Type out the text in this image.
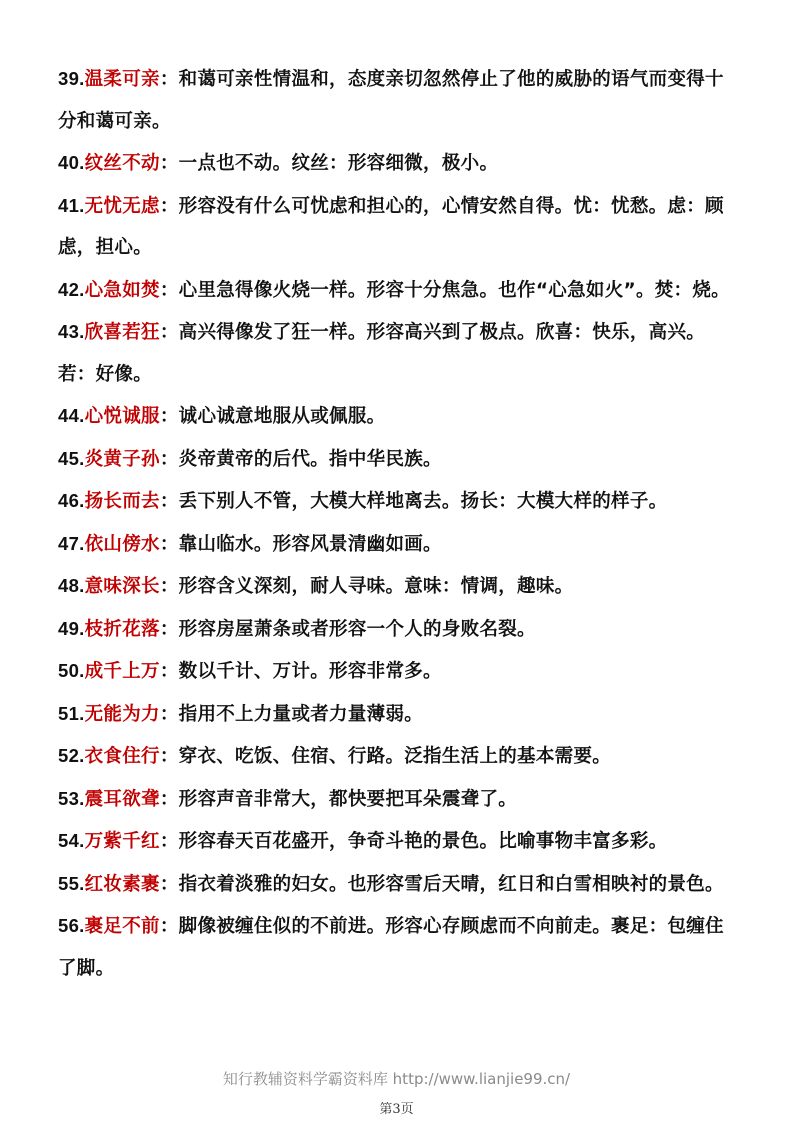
39.温柔可亲：和蔼可亲性情温和，态度亲切忽然停止了他的威胁的语气而变得十分和蔼可亲。
40.纹丝不动：一点也不动。纹丝：形容细微，极小。
41.无忧无虑：形容没有什么可忧虑和担心的，心情安然自得。忧：忧愁。虑：顾虑，担心。
42.心急如焚：心里急得像火烧一样。形容十分焦急。也作“心急如火”。焚：烧。
43.欣喜若狂：高兴得像发了狂一样。形容高兴到了极点。欣喜：快乐，高兴。若：好像。
44.心悦诚服：诚心诚意地服从或佩服。
45.炎黄子孙：炎帝黄帝的后代。指中华民族。
46.扬长而去：丢下别人不管，大模大样地离去。扬长：大模大样的样子。
47.依山傍水：靠山临水。形容风景清幽如画。
48.意味深长：形容含义深刻，耐人寻味。意味：情调，趣味。
49.枝折花落：形容房屋萧条或者形容一个人的身败名裂。
50.成千上万：数以千计、万计。形容非常多。
51.无能为力：指用不上力量或者力量薄弱。
52.衣食住行：穿衣、吃饭、住宿、行路。泛指生活上的基本需要。
53.震耳欲聋：形容声音非常大，都快要把耳朵震聋了。
54.万紫千红：形容春天百花盛开，争奇斗艳的景色。比喻事物丰富多彩。
55.红妆素裹：指衣着淡雅的妇女。也形容雪后天晴，红日和白雪相映衬的景色。
56.裹足不前：脚像被缠住似的不前进。形容心存顾虑而不向前走。裹足：包缠住了脚。
知行教辅资料学霸资料库 http://www.lianjie99.cn/
第3页
